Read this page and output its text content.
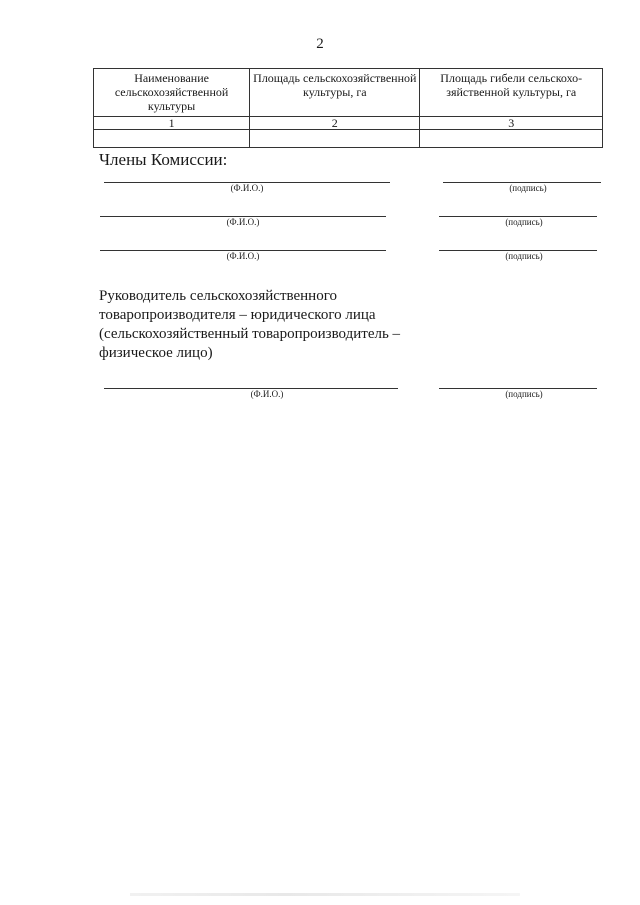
2
Наименование сельскохозяйственной культуры	Площадь сельскохозяйственной культуры, га	Площадь гибели сельскохо-зяйственной культуры, га
1	2	3

Члены Комиссии:
(Ф.И.О.)	(подпись)
(Ф.И.О.)	(подпись)
(Ф.И.О.)	(подпись)
Руководитель сельскохозяйственного
товаропроизводителя – юридического лица
(сельскохозяйственный товаропроизводитель –
физическое лицо)
(Ф.И.О.)	(подпись)
